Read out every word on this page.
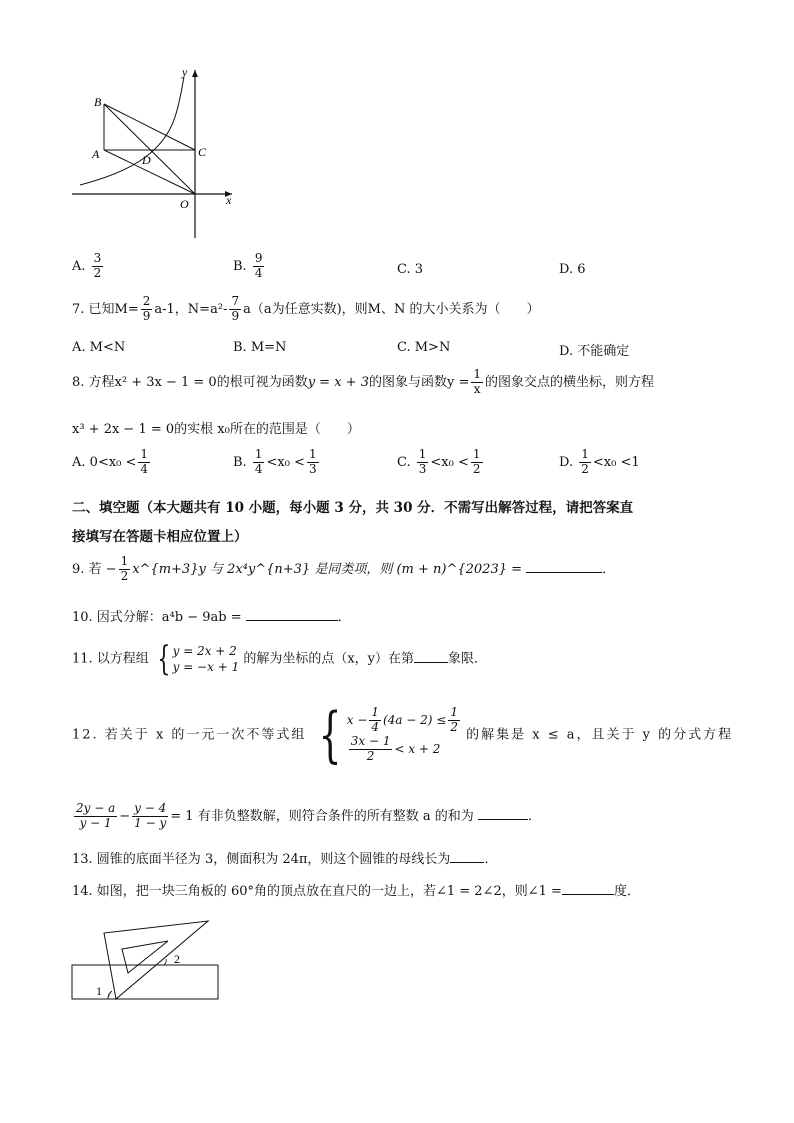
y
x
B
A	D
C
O
A. $\frac{3}{2}$	B. $\frac{9}{4}$	C. 3	D. 6
7. 已知$M= \frac{2}{9} a-1$，$N=a^2- \frac{7}{9} a(a$为任意实数)，则M、N 的大小关系为（　　）
A. M<N	B. M=N	C. M>N	D. 不能确定
8. 方程x² + 3x − 1 = 0的根可视为函数y = x + 3的图象与函数$y = \frac{1}{x}$ 的图象交点的横坐标，则方程
x³ + 2x − 1 = 0的实根 x₀所在的范围是（　　）
A. $0<x_0 < \frac{1}{4}$	B. $\frac{1}{4} <x_0 < \frac{1}{3}$	C. $\frac{1}{3} <x_0 < \frac{1}{2}$	D. $\frac{1}{2} <x_0 <1$
二、填空题（本大题共有 10 小题，每小题 3 分，共 30 分．不需写出解答过程，请把答案直
接填写在答题卡相应位置上）
9. 若 − $\frac{1}{2}$ x^{m+3}y 与 2x⁴y^{n+3} 是同类项，则 (m + n)^{2023} =	．
10. 因式分解：a⁴b − 9ab =	．
11. 以方程组 { y = 2x + 2
y = −x + 1
的解为坐标的点（x，y）在第	象限．
12. 若关于 x 的一元一次不等式组 { $x - \frac{1}{4} (4a - 2) \le \frac{1}{2}$
$\frac{3x - 1}{2} < x + 2$
的解集是 x ≤ a，且关于 y 的分式方程
$\frac{2y - a}{y - 1} - \frac{y - 4}{1 - y} = 1$ 有非负整数解，则符合条件的所有整数 a 的和为	．
13. 圆锥的底面半径为 3，侧面积为 24π，则这个圆锥的母线长为	．
14. 如图，把一块三角板的 60°角的顶点放在直尺的一边上，若∠1 = 2∠2，则∠1 =	度．
1
2
